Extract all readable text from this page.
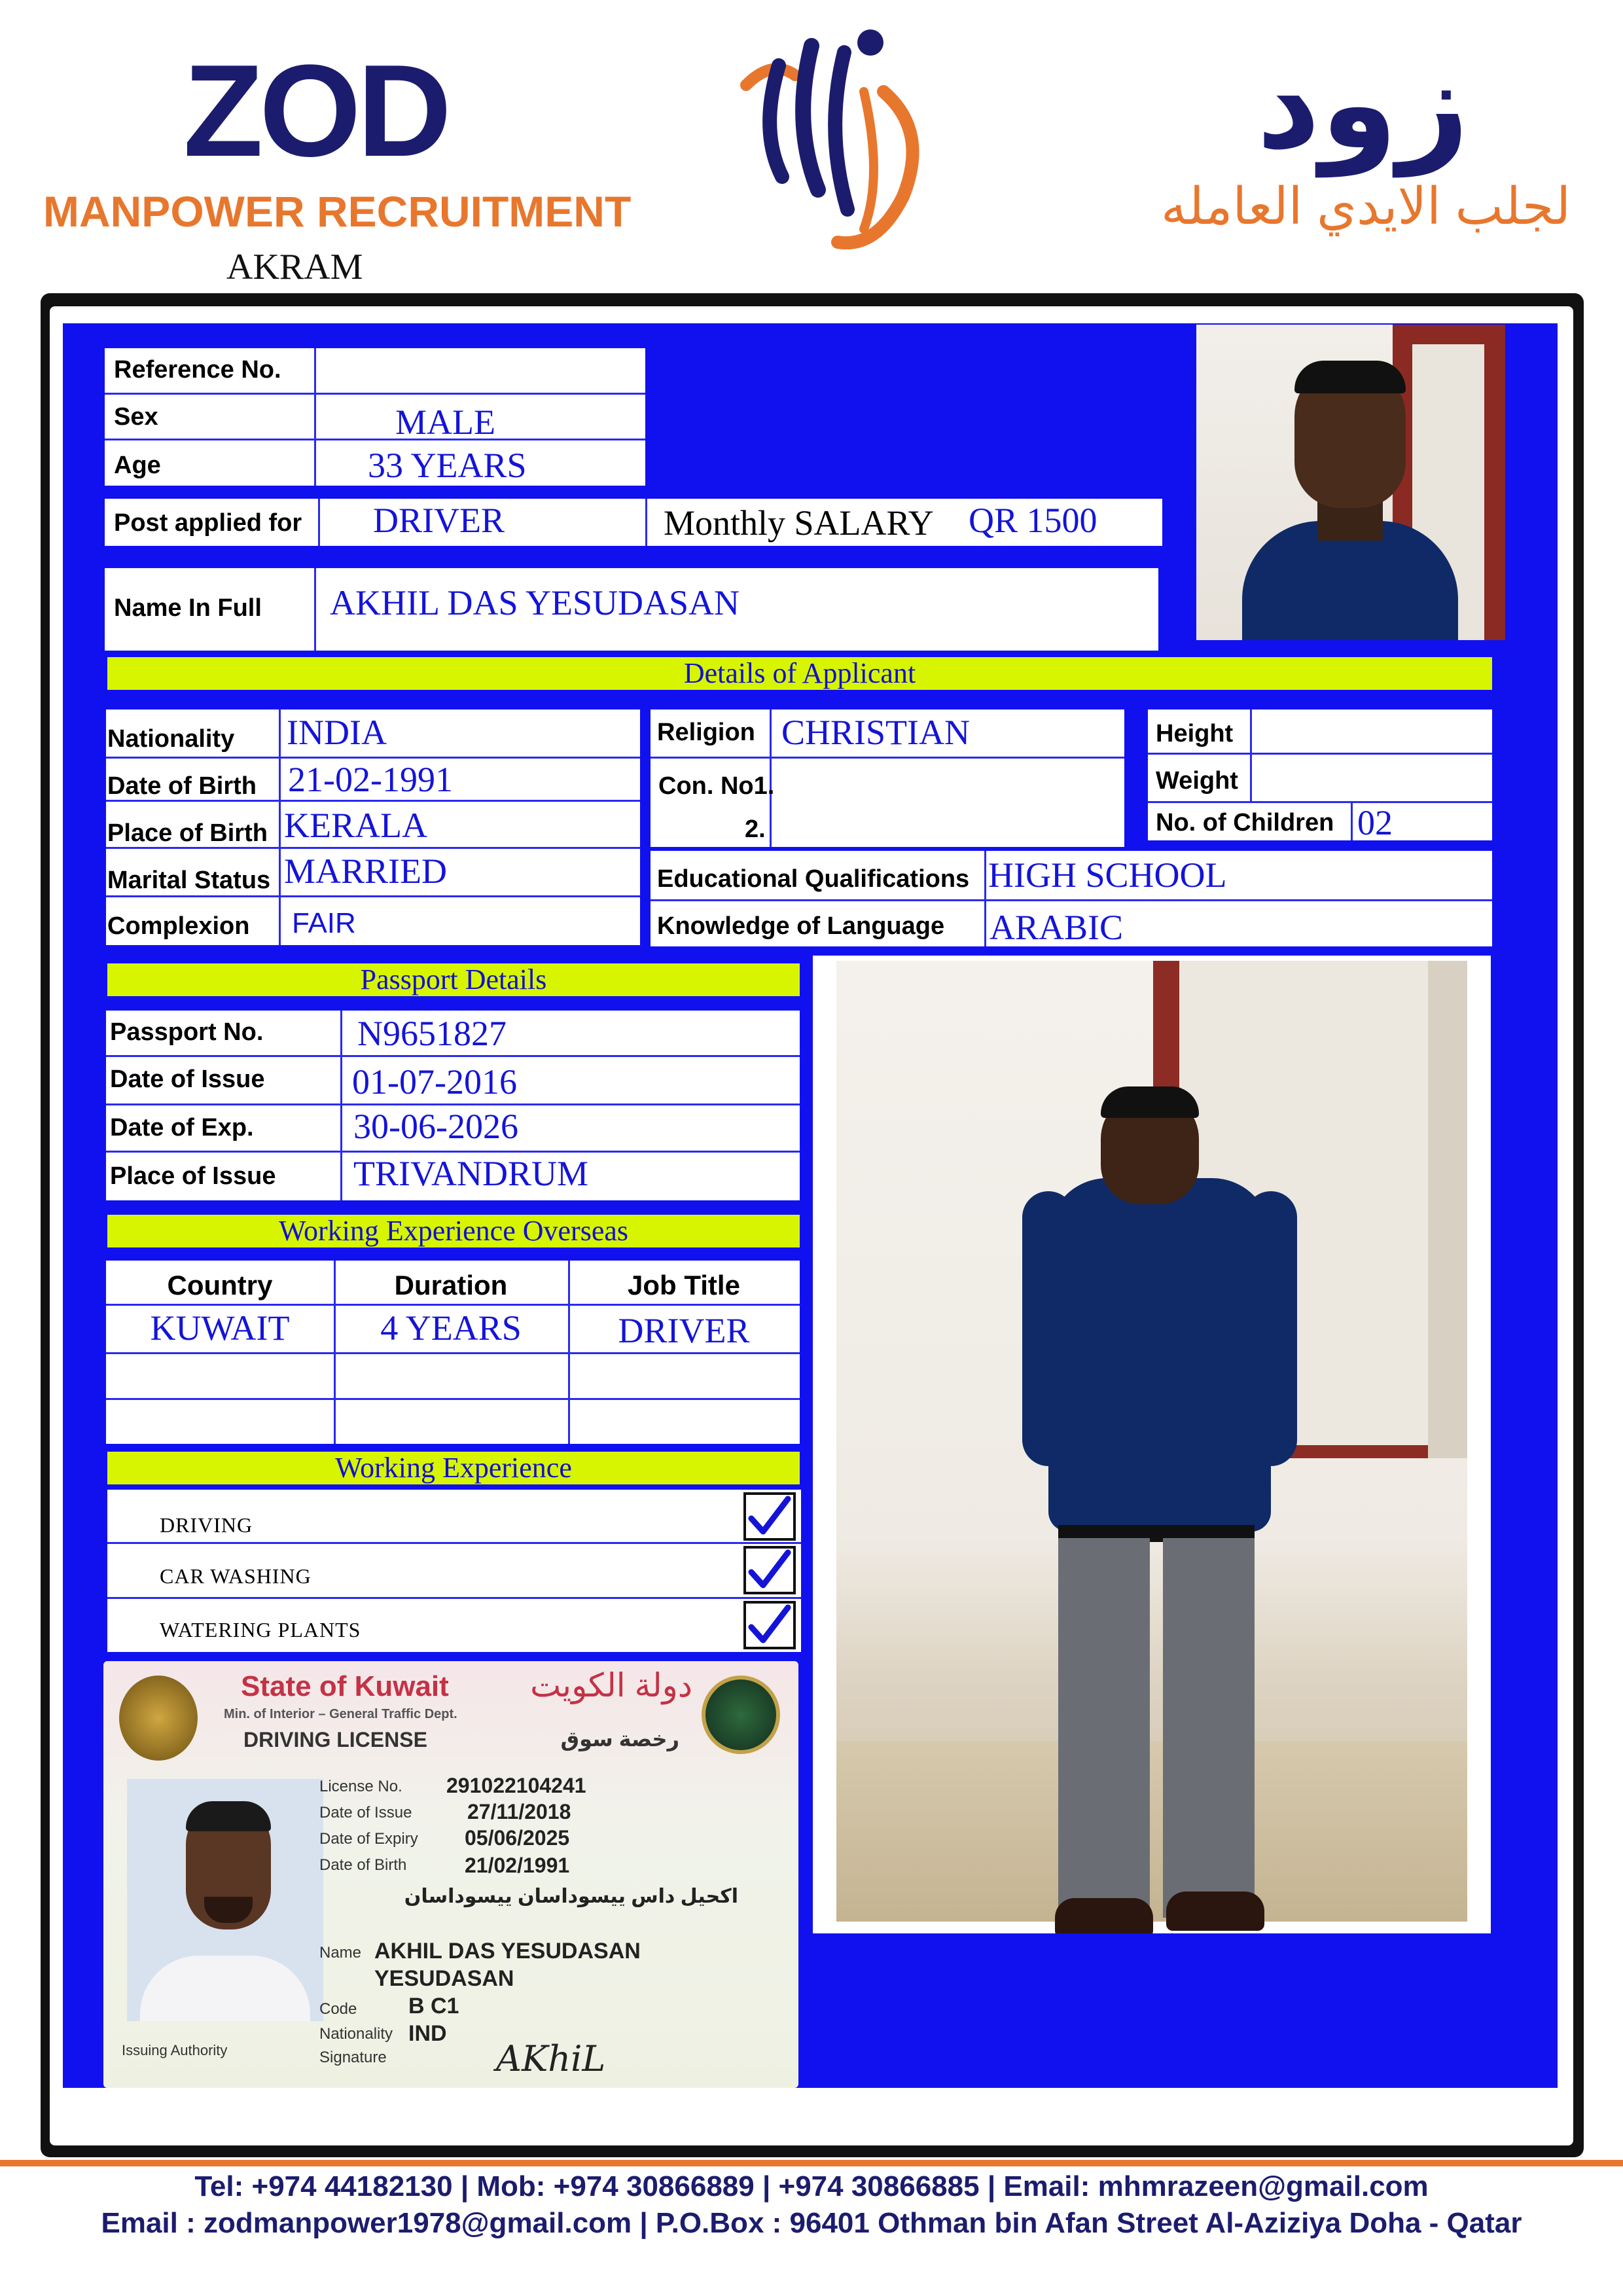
ZOD
MANPOWER RECRUITMENT
AKRAM
زود
لجلب الايدي العامله
Reference No.
Sex	MALE
Age	33 YEARS
Post applied for DRIVER	Monthly SALARY QR 1500
Name In Full AKHIL DAS YESUDASAN
Details of Applicant
Nationality INDIA
Date of Birth 21-02-1991
Place of Birth KERALA
Marital Status MARRIED
Complexion FAIR
Religion CHRISTIAN
Con. No1.
2.
Height
Weight
No. of Children 02
Educational Qualifications HIGH SCHOOL
Knowledge of Language ARABIC
Passport Details
Passport No.	N9651827
Date of Issue 01-07-2016
Date of Exp.	30-06-2026
Place of Issue TRIVANDRUM
Working Experience Overseas
Country	Duration	Job Title
KUWAIT	4 YEARS	DRIVER
Working Experience
DRIVING
CAR WASHING
WATERING PLANTS
State of Kuwait	دولة الكويت
Min. of Interior – General Traffic Dept.
DRIVING LICENSE	رخصة سوق
License No. 291022104241
Date of Issue	27/11/2018
Date of Expiry 05/06/2025
Date of Birth	21/02/1991
اكحيل داس ييسوداسان ييسوداسان
Name AKHIL DAS YESUDASAN
YESUDASAN
Code B C1
Nationality IND
Signature	AKhiL
Issuing Authority
Tel: +974 44182130 | Mob: +974 30866889 | +974 30866885 | Email: mhmrazeen@gmail.com
Email : zodmanpower1978@gmail.com | P.O.Box : 96401 Othman bin Afan Street Al-Aziziya Doha - Qatar
